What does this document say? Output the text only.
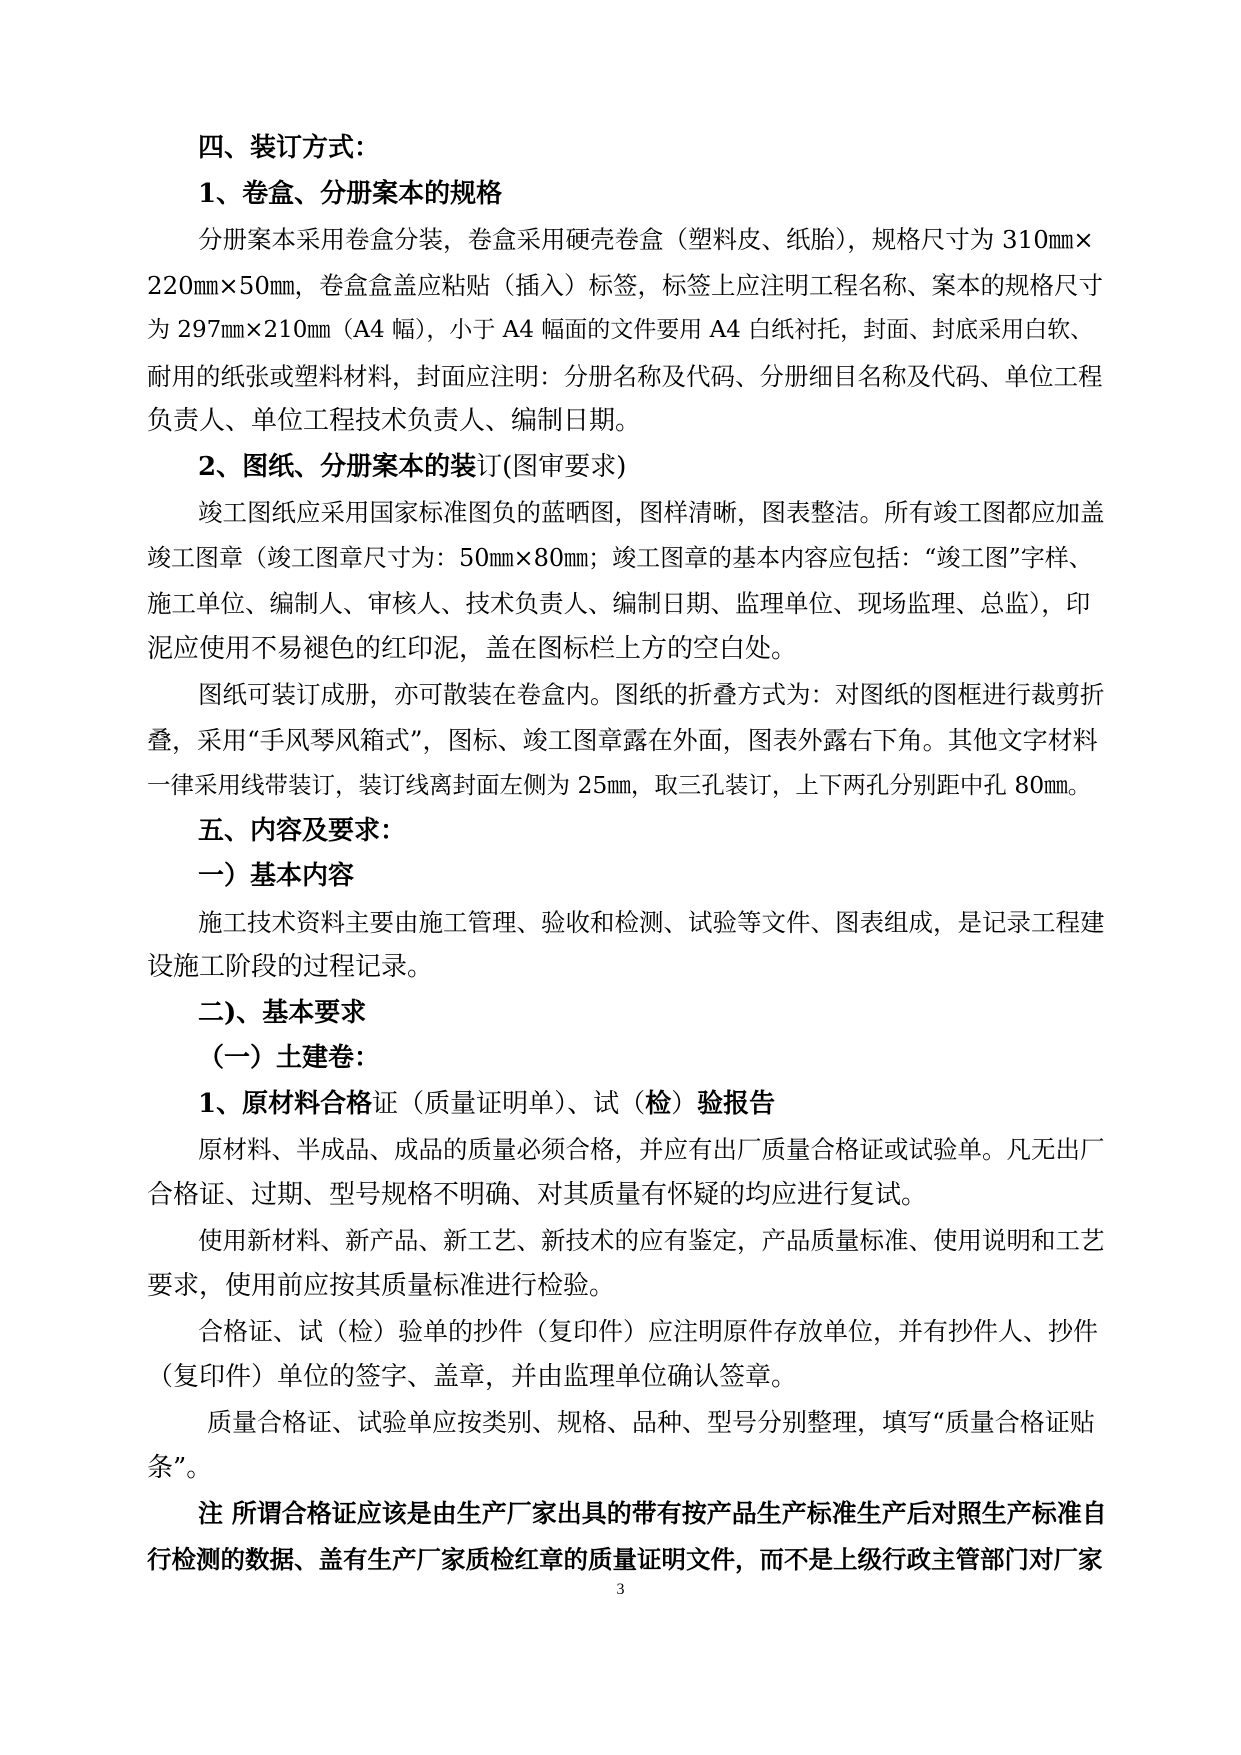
四、装订方式：
1、卷盒、分册案本的规格
分册案本采用卷盒分装，卷盒采用硬壳卷盒（塑料皮、纸胎），规格尺寸为 310㎜×
220㎜×50㎜，卷盒盒盖应粘贴（插入）标签，标签上应注明工程名称、案本的规格尺寸
为 297㎜×210㎜（A4 幅），小于 A4 幅面的文件要用 A4 白纸衬托，封面、封底采用白软、
耐用的纸张或塑料材料，封面应注明：分册名称及代码、分册细目名称及代码、单位工程
负责人、单位工程技术负责人、编制日期。
2、图纸、分册案本的装订(图审要求)
竣工图纸应采用国家标准图负的蓝晒图，图样清晰，图表整洁。所有竣工图都应加盖
竣工图章（竣工图章尺寸为：50㎜×80㎜；竣工图章的基本内容应包括：“竣工图”字样、
施工单位、编制人、审核人、技术负责人、编制日期、监理单位、现场监理、总监），印
泥应使用不易褪色的红印泥，盖在图标栏上方的空白处。
图纸可装订成册，亦可散装在卷盒内。图纸的折叠方式为：对图纸的图框进行裁剪折
叠，采用“手风琴风箱式”，图标、竣工图章露在外面，图表外露右下角。其他文字材料
一律采用线带装订，装订线离封面左侧为 25㎜，取三孔装订，上下两孔分别距中孔 80㎜。
五、内容及要求：
一）基本内容
施工技术资料主要由施工管理、验收和检测、试验等文件、图表组成，是记录工程建
设施工阶段的过程记录。
二)、基本要求
（一）土建卷：
1、原材料合格证（质量证明单）、试（检）验报告
原材料、半成品、成品的质量必须合格，并应有出厂质量合格证或试验单。凡无出厂
合格证、过期、型号规格不明确、对其质量有怀疑的均应进行复试。
使用新材料、新产品、新工艺、新技术的应有鉴定，产品质量标准、使用说明和工艺
要求，使用前应按其质量标准进行检验。
合格证、试（检）验单的抄件（复印件）应注明原件存放单位，并有抄件人、抄件
（复印件）单位的签字、盖章，并由监理单位确认签章。
质量合格证、试验单应按类别、规格、品种、型号分别整理，填写“质量合格证贴
条”。
注 所谓合格证应该是由生产厂家出具的带有按产品生产标准生产后对照生产标准自
行检测的数据、盖有生产厂家质检红章的质量证明文件，而不是上级行政主管部门对厂家
3
